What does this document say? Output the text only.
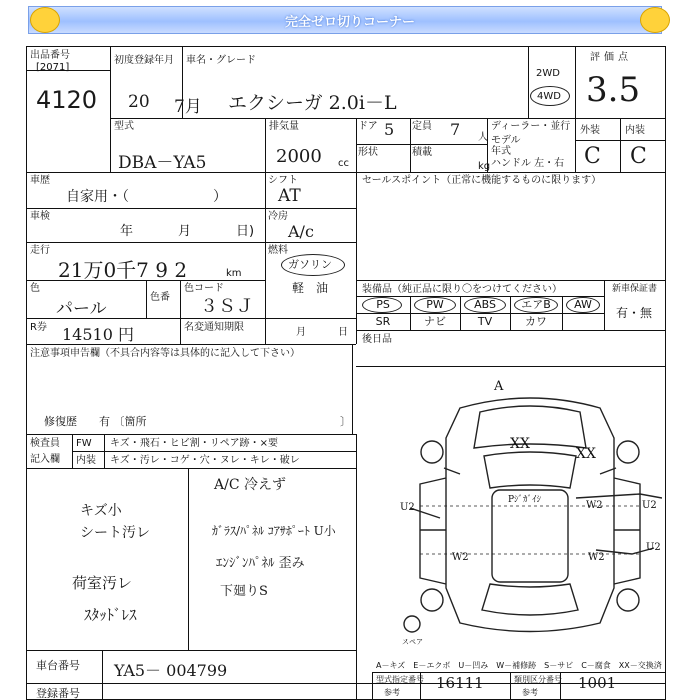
完全ゼロ切りコーナー
出品番号
[2071]
4120
初度登録年月
20 7月
車名・グレード
エクシーガ 2.0i－L
2WD
4WD
評価点
3.5
型式
DBA－YA5
排気量
2000 cc
ドア 5 定員 7 人
形状	積載
kg
ディーラー・並行
モデル
年式
ハンドル 左・右
外装	内装
C C
車歴
自家用・（　　　　　　）
シフト
AT
車検
年	月	日)
冷房
A/c
走行
21万0千7 9 2	km
燃料
ガソリン
軽　油
色
パール
色番
色コード
３ＳＪ
R券 14510 円	名変通知期限	月	日
セールスポイント（正常に機能するものに限ります）
装備品（純正品に限り〇をつけてください）	新車保証書
有・無
PS	PW	ABS	エアB	AW
SR	ナビ	TV	カワ
後日品
注意事項申告欄（不具合内容等は具体的に記入して下さい）
修復歴　　有 〔箇所	〕
検査員
記入欄
FW キズ・飛石・ヒビ割・リペア跡・×要
内装 キズ・汚レ・コゲ・穴・ヌレ・キレ・破レ
キズ小
シート汚レ
荷室汚レ
ｽﾀｯﾄﾞﾚｽ
A/C 冷えず
ｶﾞﾗｽ/ﾊﾟﾈﾙ ｺｱｻﾎﾟｰﾄ U小
ｴﾝｼﾞﾝﾊﾟﾈﾙ 歪み
下廻りS
A
XX
XX
Pｼﾞｶﾞｲｼ	W2	U2
U2
W2
U2
W2
スペア
A－キズ　E－エクボ　U－凹み　W－補修跡　S－サビ　C－腐食　XX－交換済
車台番号 YA5－ 004799
登録番号
型式指定番号
参考
16111	類別区分番号
参考
1001
